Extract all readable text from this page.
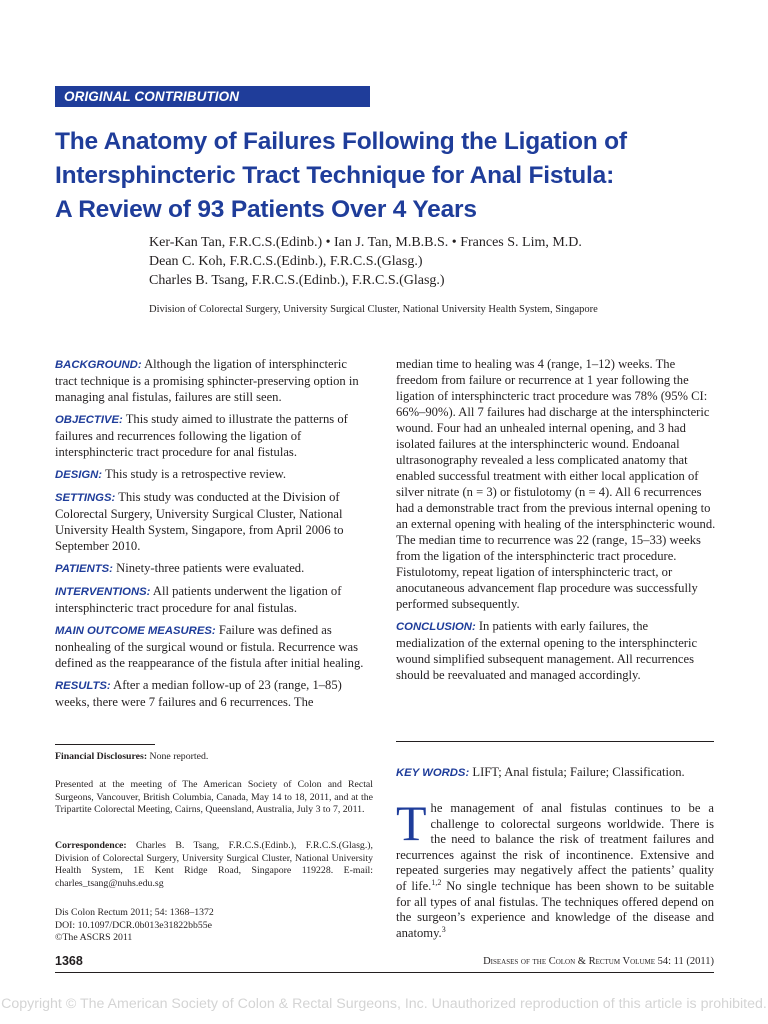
ORIGINAL CONTRIBUTION
The Anatomy of Failures Following the Ligation of
Intersphincteric Tract Technique for Anal Fistula:
A Review of 93 Patients Over 4 Years
Ker-Kan Tan, F.R.C.S.(Edinb.) • Ian J. Tan, M.B.B.S. • Frances S. Lim, M.D.
Dean C. Koh, F.R.C.S.(Edinb.), F.R.C.S.(Glasg.)
Charles B. Tsang, F.R.C.S.(Edinb.), F.R.C.S.(Glasg.)
Division of Colorectal Surgery, University Surgical Cluster, National University Health System, Singapore

BACKGROUND: Although the ligation of intersphincteric tract technique is a promising sphincter-preserving option in managing anal fistulas, failures are still seen.

OBJECTIVE: This study aimed to illustrate the patterns of failures and recurrences following the ligation of intersphincteric tract procedure for anal fistulas.

DESIGN: This study is a retrospective review.

SETTINGS: This study was conducted at the Division of Colorectal Surgery, University Surgical Cluster, National University Health System, Singapore, from April 2006 to September 2010.

PATIENTS: Ninety-three patients were evaluated.

INTERVENTIONS: All patients underwent the ligation of intersphincteric tract procedure for anal fistulas.

MAIN OUTCOME MEASURES: Failure was defined as nonhealing of the surgical wound or fistula. Recurrence was defined as the reappearance of the fistula after initial healing.

RESULTS: After a median follow-up of 23 (range, 1–85) weeks, there were 7 failures and 6 recurrences. The

median time to healing was 4 (range, 1–12) weeks. The freedom from failure or recurrence at 1 year following the ligation of intersphincteric tract procedure was 78% (95% CI: 66%–90%). All 7 failures had discharge at the intersphincteric wound. Four had an unhealed internal opening, and 3 had isolated failures at the intersphincteric wound. Endoanal ultrasonography revealed a less complicated anatomy that enabled successful treatment with either local application of silver nitrate (n = 3) or fistulotomy (n = 4). All 6 recurrences had a demonstrable tract from the previous internal opening to an external opening with healing of the intersphincteric wound. The median time to recurrence was 22 (range, 15–33) weeks from the ligation of the intersphincteric tract procedure. Fistulotomy, repeat ligation of intersphincteric tract, or anocutaneous advancement flap procedure was successfully performed subsequently.

CONCLUSION: In patients with early failures, the medialization of the external opening to the intersphincteric wound simplified subsequent management. All recurrences should be reevaluated and managed accordingly.

KEY WORDS: LIFT; Anal fistula; Failure; Classification.

The management of anal fistulas continues to be a challenge to colorectal surgeons worldwide. There is the need to balance the risk of treatment failures and recurrences against the risk of incontinence. Extensive and repeated surgeries may negatively affect the patients’ quality of life.$^{1,2}$ No single technique has been shown to be suitable for all types of anal fistulas. The techniques offered depend on the surgeon’s experience and knowledge of the disease and anatomy.$^3$

Financial Disclosures: None reported.

Presented at the meeting of The American Society of Colon and Rectal Surgeons, Vancouver, British Columbia, Canada, May 14 to 18, 2011, and at the Tripartite Colorectal Meeting, Cairns, Queensland, Australia, July 3 to 7, 2011.

Correspondence: Charles B. Tsang, F.R.C.S.(Edinb.), F.R.C.S.(Glasg.), Division of Colorectal Surgery, University Surgical Cluster, National University Health System, 1E Kent Ridge Road, Singapore 119228. E-mail: charles_tsang@nuhs.edu.sg

Dis Colon Rectum 2011; 54: 1368–1372
DOI: 10.1097/DCR.0b013e31822bb55e
©The ASCRS 2011

1368	Diseases of the Colon & Rectum Volume 54: 11 (2011)
Copyright © The American Society of Colon & Rectal Surgeons, Inc. Unauthorized reproduction of this article is prohibited.
